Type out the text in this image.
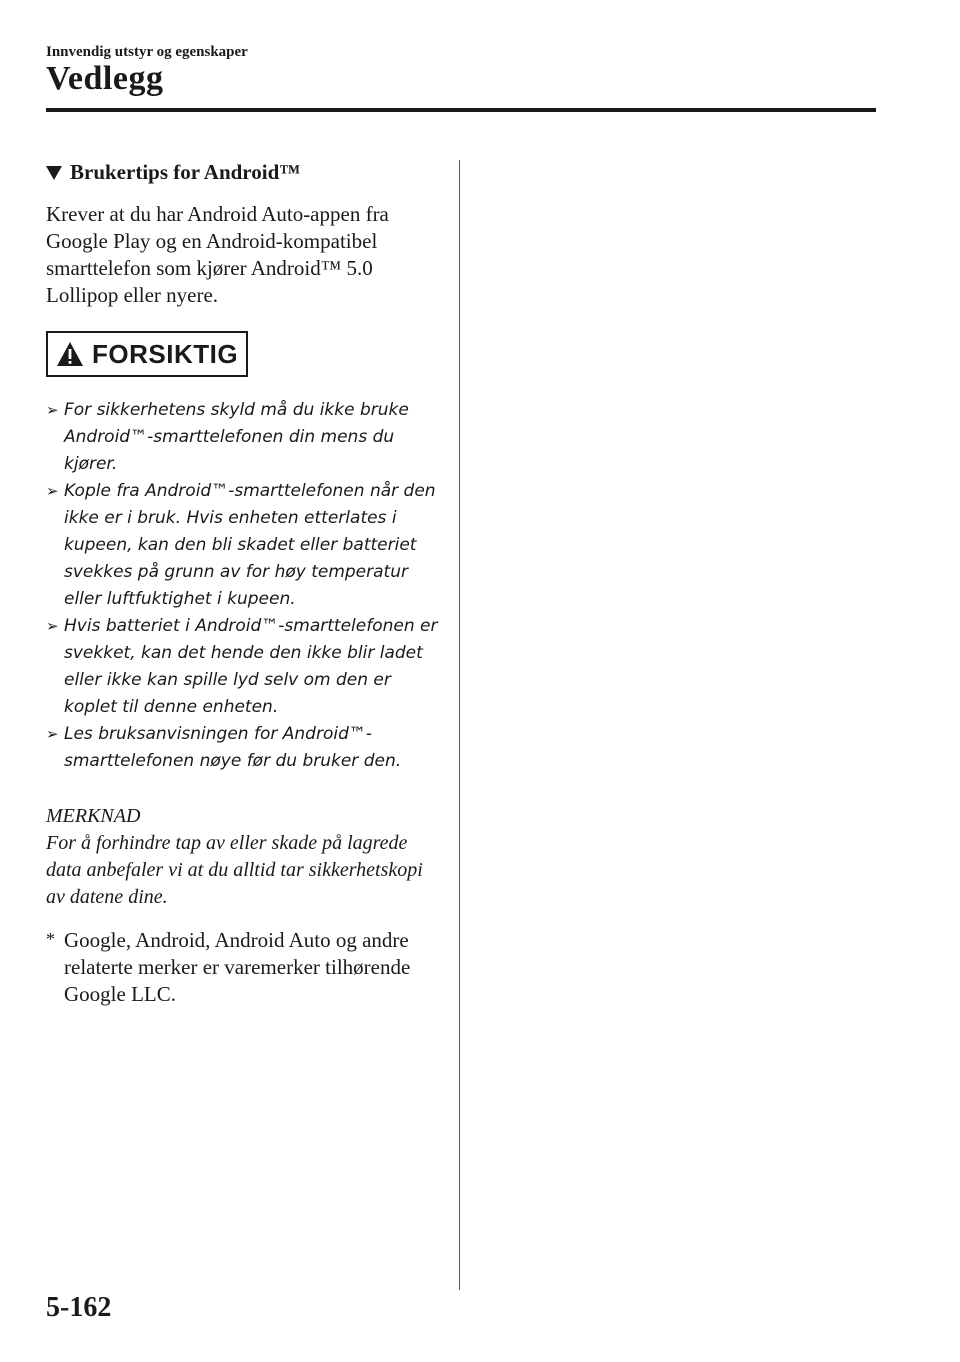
Innvendig utstyr og egenskaper
Vedlegg
Brukertips for Android™

Krever at du har Android Auto-appen fra Google Play og en Android-kompatibel smarttelefon som kjører Android™ 5.0 Lollipop eller nyere.

FORSIKTIG
➢ For sikkerhetens skyld må du ikke bruke Android™-smarttelefonen din mens du kjører.
➢ Kople fra Android™-smarttelefonen når den ikke er i bruk. Hvis enheten etterlates i kupeen, kan den bli skadet eller batteriet svekkes på grunn av for høy temperatur eller luftfuktighet i kupeen.
➢ Hvis batteriet i Android™-smarttelefonen er svekket, kan det hende den ikke blir ladet eller ikke kan spille lyd selv om den er koplet til denne enheten.
➢ Les bruksanvisningen for Android™-smarttelefonen nøye før du bruker den.
MERKNAD
For å forhindre tap av eller skade på lagrede data anbefaler vi at du alltid tar sikkerhetskopi av datene dine.
* Google, Android, Android Auto og andre relaterte merker er varemerker tilhørende Google LLC.
5-162
